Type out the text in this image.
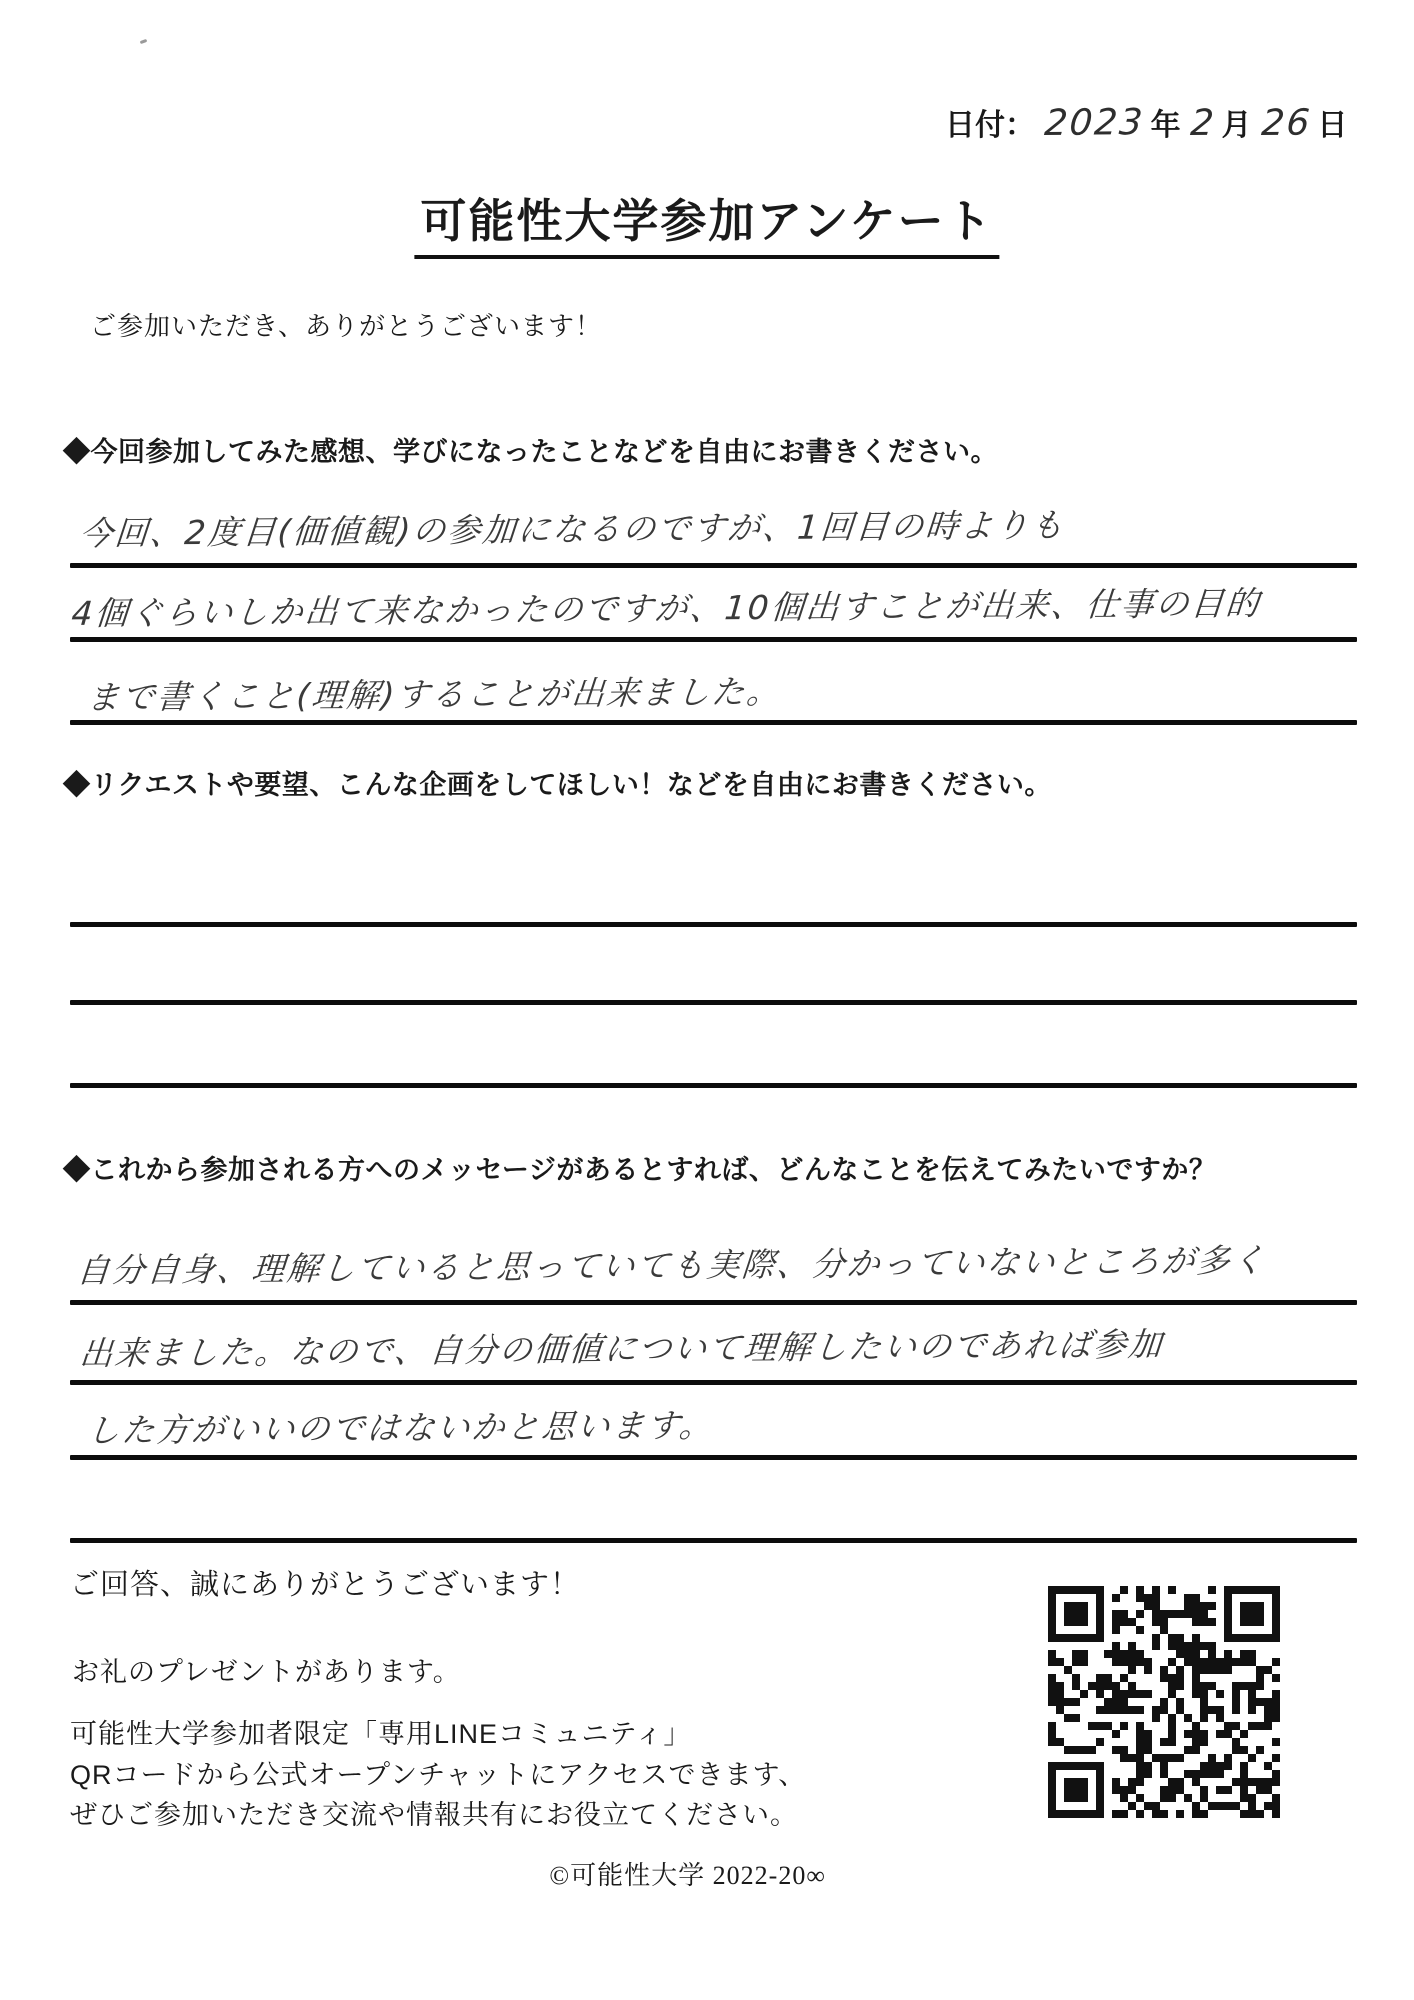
日付： 2023 年 2 月 26 日
可能性大学参加アンケート
ご参加いただき、ありがとうございます！
◆今回参加してみた感想、学びになったことなどを自由にお書きください。
今回、2度目(価値観)の参加になるのですが、1回目の時よりも
4個ぐらいしか出て来なかったのですが、10個出すことが出来、仕事の目的
まで書くこと(理解)することが出来ました。
◆リクエストや要望、こんな企画をしてほしい！などを自由にお書きください。
◆これから参加される方へのメッセージがあるとすれば、どんなことを伝えてみたいですか？
自分自身、理解していると思っていても実際、分かっていないところが多く
出来ました。なので、自分の価値について理解したいのであれば参加
した方がいいのではないかと思います。
ご回答、誠にありがとうございます！
お礼のプレゼントがあります。
可能性大学参加者限定「専用LINEコミュニティ」
QRコードから公式オープンチャットにアクセスできます、
ぜひご参加いただき交流や情報共有にお役立てください。
©可能性大学 2022-20∞
